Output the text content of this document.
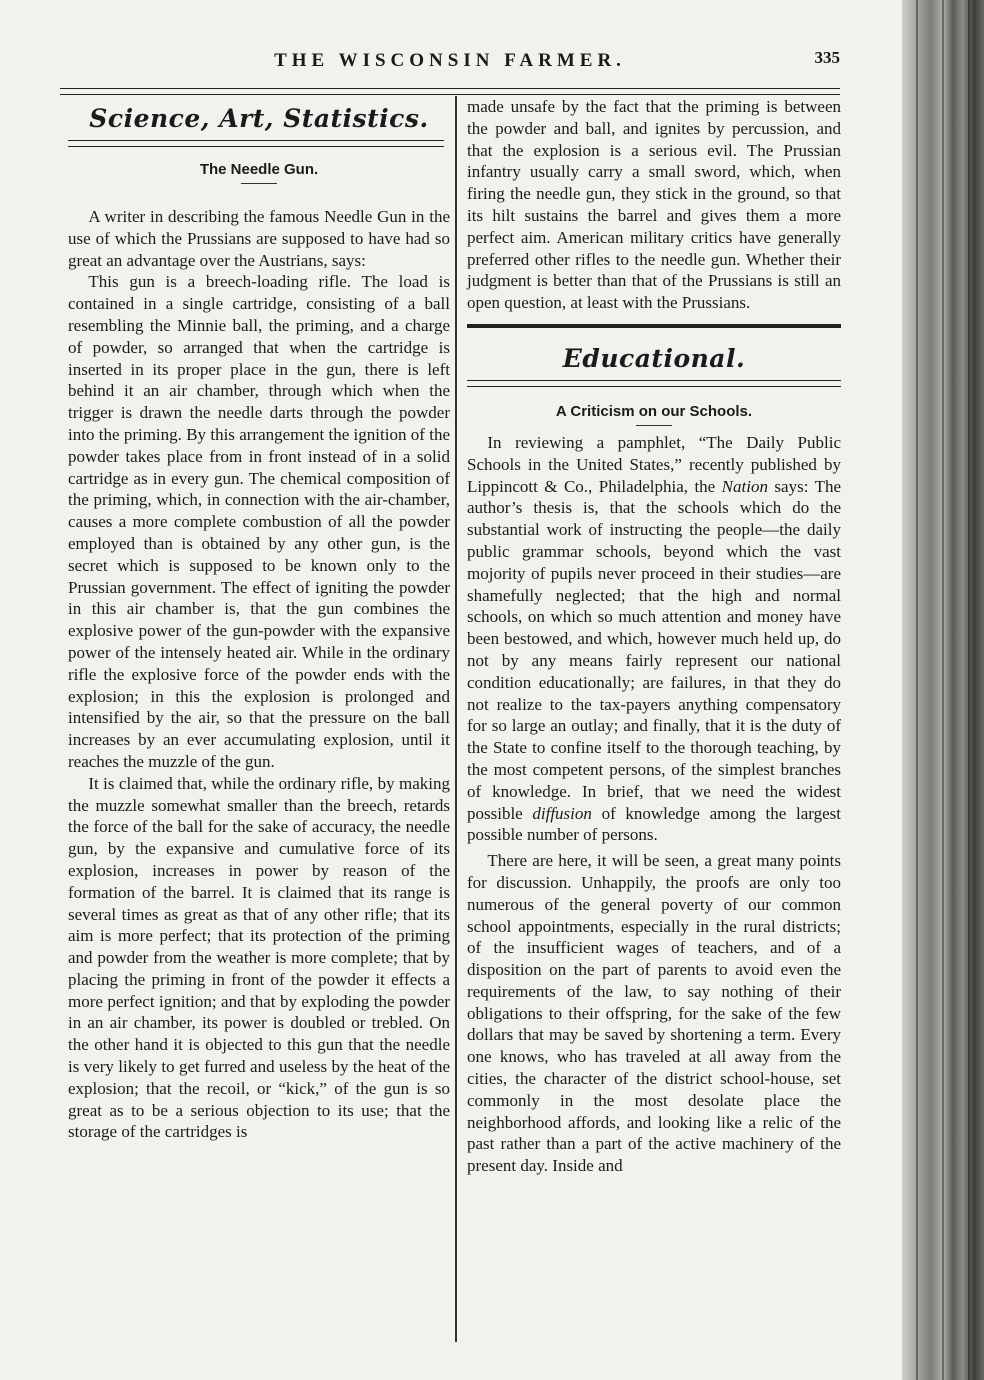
THE WISCONSIN FARMER.	335
Science, Art, Statistics.
The Needle Gun.

A writer in describing the famous Needle Gun in the use of which the Prussians are supposed to have had so great an advantage over the Austrians, says:

This gun is a breech-loading rifle. The load is contained in a single cartridge, consisting of a ball resembling the Minnie ball, the priming, and a charge of powder, so arranged that when the cartridge is inserted in its proper place in the gun, there is left behind it an air chamber, through which when the trigger is drawn the needle darts through the powder into the priming. By this arrangement the ignition of the powder takes place from in front instead of in a solid cartridge as in every gun. The chemical composition of the priming, which, in connection with the air-chamber, causes a more complete combustion of all the powder employed than is obtained by any other gun, is the secret which is supposed to be known only to the Prussian government. The effect of igniting the powder in this air chamber is, that the gun combines the explosive power of the gun-powder with the expansive power of the intensely heated air. While in the ordinary rifle the explosive force of the powder ends with the explosion; in this the explosion is prolonged and intensified by the air, so that the pressure on the ball increases by an ever accumulating explosion, until it reaches the muzzle of the gun.

It is claimed that, while the ordinary rifle, by making the muzzle somewhat smaller than the breech, retards the force of the ball for the sake of accuracy, the needle gun, by the expansive and cumulative force of its explosion, increases in power by reason of the formation of the barrel. It is claimed that its range is several times as great as that of any other rifle; that its aim is more perfect; that its protection of the priming and powder from the weather is more complete; that by placing the priming in front of the powder it effects a more perfect ignition; and that by exploding the powder in an air chamber, its power is doubled or trebled. On the other hand it is objected to this gun that the needle is very likely to get furred and useless by the heat of the explosion; that the recoil, or “kick,” of the gun is so great as to be a serious objection to its use; that the storage of the cartridges is

made unsafe by the fact that the priming is between the powder and ball, and ignites by percussion, and that the explosion is a serious evil. The Prussian infantry usually carry a small sword, which, when firing the needle gun, they stick in the ground, so that its hilt sustains the barrel and gives them a more perfect aim. American military critics have generally preferred other rifles to the needle gun. Whether their judgment is better than that of the Prussians is still an open question, at least with the Prussians.

Educational.
A Criticism on our Schools.

In reviewing a pamphlet, “The Daily Public Schools in the United States,” recently published by Lippincott & Co., Philadelphia, the Nation says: The author’s thesis is, that the schools which do the substantial work of instructing the people—the daily public grammar schools, beyond which the vast mojority of pupils never proceed in their studies—are shamefully neglected; that the high and normal schools, on which so much attention and money have been bestowed, and which, however much held up, do not by any means fairly represent our national condition educationally; are failures, in that they do not realize to the tax-payers anything compensatory for so large an outlay; and finally, that it is the duty of the State to confine itself to the thorough teaching, by the most competent persons, of the simplest branches of knowledge. In brief, that we need the widest possible diffusion of knowledge among the largest possible number of persons.

There are here, it will be seen, a great many points for discussion. Unhappily, the proofs are only too numerous of the general poverty of our common school appointments, especially in the rural districts; of the insufficient wages of teachers, and of a disposition on the part of parents to avoid even the requirements of the law, to say nothing of their obligations to their offspring, for the sake of the few dollars that may be saved by shortening a term. Every one knows, who has traveled at all away from the cities, the character of the district school-house, set commonly in the most desolate place the neighborhood affords, and looking like a relic of the past rather than a part of the active machinery of the present day. Inside and
